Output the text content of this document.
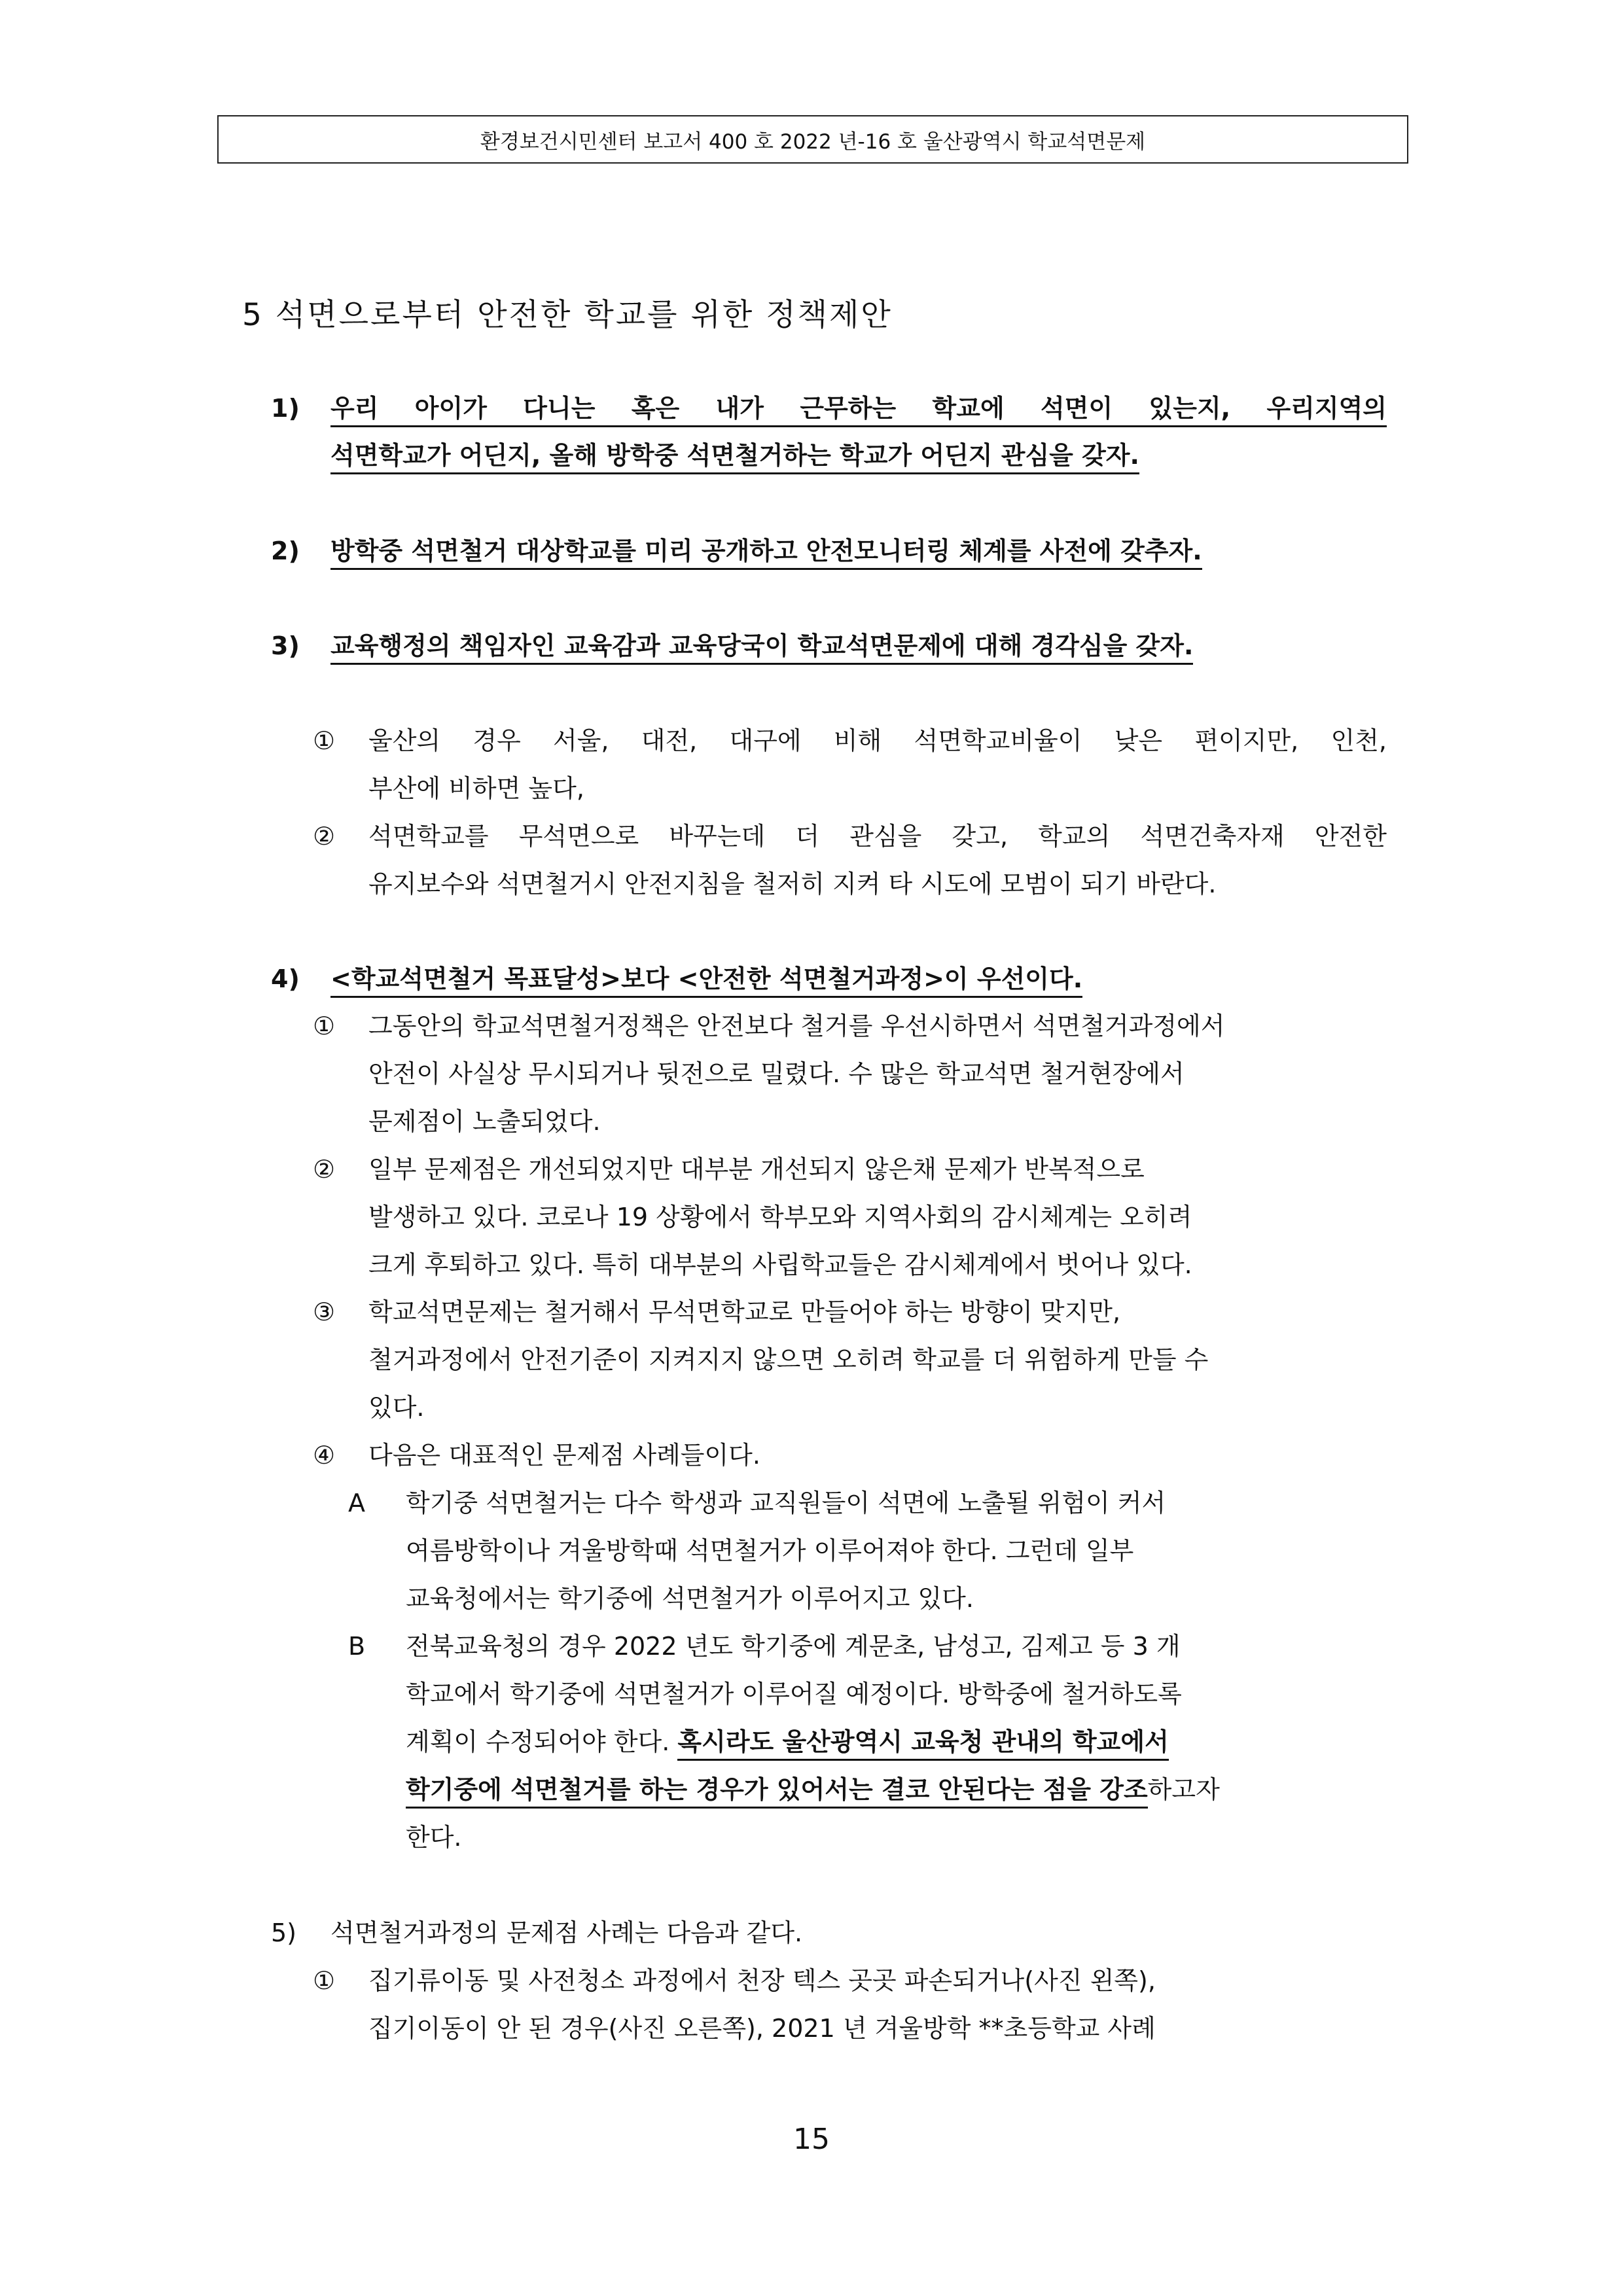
환경보건시민센터 보고서 400 호 2022 년-16 호 울산광역시 학교석면문제
5 석면으로부터 안전한 학교를 위한 정책제안
1) 우리 아이가 다니는 혹은 내가 근무하는 학교에 석면이 있는지, 우리지역의
석면학교가 어딘지, 올해 방학중 석면철거하는 학교가 어딘지 관심을 갖자.
2) 방학중 석면철거 대상학교를 미리 공개하고 안전모니터링 체계를 사전에 갖추자.
3) 교육행정의 책임자인 교육감과 교육당국이 학교석면문제에 대해 경각심을 갖자.
① 울산의 경우 서울, 대전, 대구에 비해 석면학교비율이 낮은 편이지만, 인천,
부산에 비하면 높다,
② 석면학교를 무석면으로 바꾸는데 더 관심을 갖고, 학교의 석면건축자재 안전한
유지보수와 석면철거시 안전지침을 철저히 지켜 타 시도에 모범이 되기 바란다.
4) <학교석면철거 목표달성>보다 <안전한 석면철거과정>이 우선이다.
① 그동안의 학교석면철거정책은 안전보다 철거를 우선시하면서 석면철거과정에서
안전이 사실상 무시되거나 뒷전으로 밀렸다. 수 많은 학교석면 철거현장에서
문제점이 노출되었다.
② 일부 문제점은 개선되었지만 대부분 개선되지 않은채 문제가 반복적으로
발생하고 있다. 코로나 19 상황에서 학부모와 지역사회의 감시체계는 오히려
크게 후퇴하고 있다. 특히 대부분의 사립학교들은 감시체계에서 벗어나 있다.
③ 학교석면문제는 철거해서 무석면학교로 만들어야 하는 방향이 맞지만,
철거과정에서 안전기준이 지켜지지 않으면 오히려 학교를 더 위험하게 만들 수
있다.
④ 다음은 대표적인 문제점 사례들이다.
A 학기중 석면철거는 다수 학생과 교직원들이 석면에 노출될 위험이 커서
여름방학이나 겨울방학때 석면철거가 이루어져야 한다. 그런데 일부
교육청에서는 학기중에 석면철거가 이루어지고 있다.
B 전북교육청의 경우 2022 년도 학기중에 계문초, 남성고, 김제고 등 3 개
학교에서 학기중에 석면철거가 이루어질 예정이다. 방학중에 철거하도록
계획이 수정되어야 한다. 혹시라도 울산광역시 교육청 관내의 학교에서
학기중에 석면철거를 하는 경우가 있어서는 결코 안된다는 점을 강조하고자
한다.
5) 석면철거과정의 문제점 사례는 다음과 같다.
① 집기류이동 및 사전청소 과정에서 천장 텍스 곳곳 파손되거나(사진 왼쪽),
집기이동이 안 된 경우(사진 오른쪽), 2021 년 겨울방학 **초등학교 사례
15
